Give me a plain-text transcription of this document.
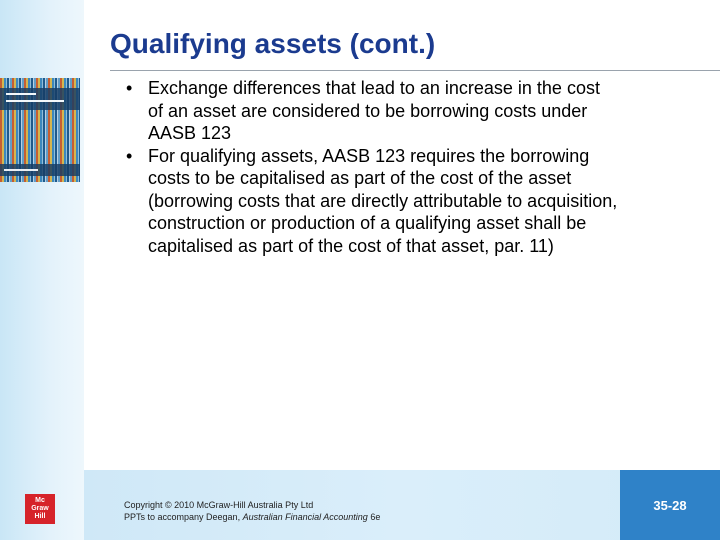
Qualifying assets (cont.)
• Exchange differences that lead to an increase in the cost
of an asset are considered to be borrowing costs under
AASB 123
• For qualifying assets, AASB 123 requires the borrowing
costs to be capitalised as part of the cost of the asset
(borrowing costs that are directly attributable to acquisition,
construction or production of a qualifying asset shall be
capitalised as part of the cost of that asset, par. 11)
Copyright © 2010 McGraw-Hill Australia Pty Ltd
PPTs to accompany Deegan, Australian Financial Accounting 6e
35-28
Mc
Graw
Hill
